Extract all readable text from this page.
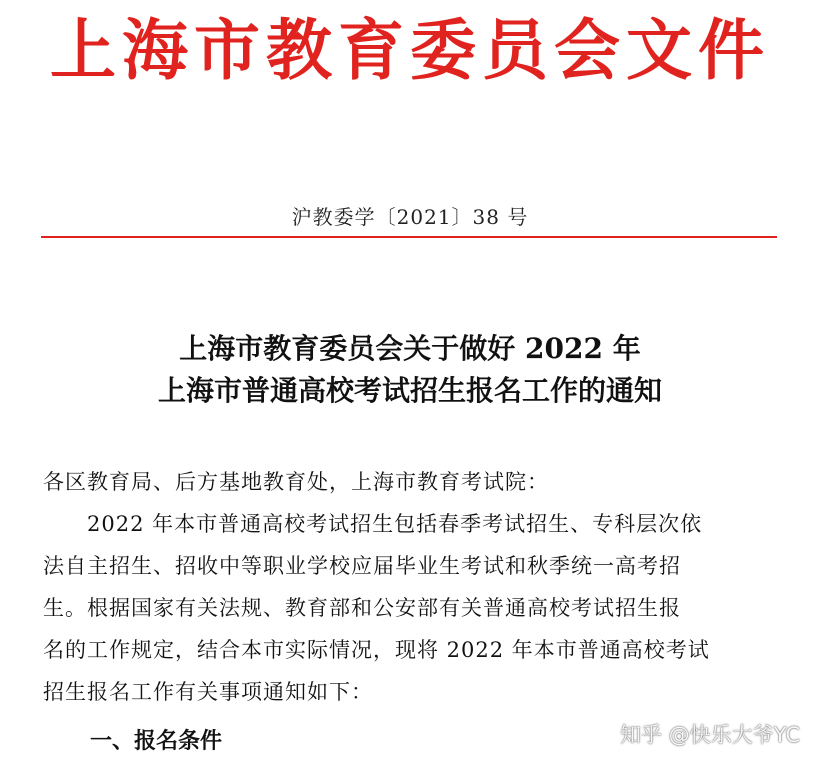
上海市教育委员会文件
沪教委学〔2021〕38 号
上海市教育委员会关于做好 2022 年
上海市普通高校考试招生报名工作的通知
各区教育局、后方基地教育处，上海市教育考试院：
2022 年本市普通高校考试招生包括春季考试招生、专科层次依
法自主招生、招收中等职业学校应届毕业生考试和秋季统一高考招
生。根据国家有关法规、教育部和公安部有关普通高校考试招生报
名的工作规定，结合本市实际情况，现将 2022 年本市普通高校考试
招生报名工作有关事项通知如下：
一、报名条件	知乎 @快乐大爷YC
